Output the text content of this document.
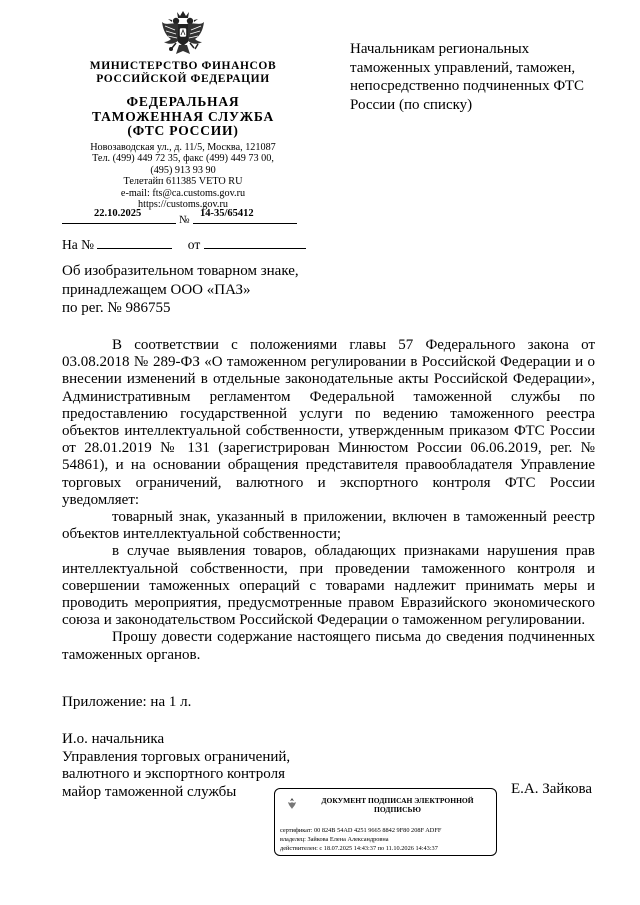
МИНИСТЕРСТВО ФИНАНСОВ
РОССИЙСКОЙ ФЕДЕРАЦИИ
ФЕДЕРАЛЬНАЯ
ТАМОЖЕННАЯ СЛУЖБА
(ФТС РОССИИ)
Новозаводская ул., д. 11/5, Москва, 121087
Тел. (499) 449 72 35, факс (499) 449 73 00,
(495) 913 93 90
Телетайп 611385 VETO RU
e-mail: fts@ca.customs.gov.ru
https://customs.gov.ru
22.10.2025
№
14-35/65412
На №	от
Начальникам региональных таможенных управлений, таможен, непосредственно подчиненных ФТС России (по списку)
Об изобразительном товарном знаке,
принадлежащем ООО «ПАЗ»
по рег. № 986755

В соответствии с положениями главы 57 Федерального закона от 03.08.2018 № 289-ФЗ «О таможенном регулировании в Российской Федерации и о внесении изменений в отдельные законодательные акты Российской Федерации», Административным регламентом Федеральной таможенной службы по предоставлению государственной услуги по ведению таможенного реестра объектов интеллектуальной собственности, утвержденным приказом ФТС России от 28.01.2019 № 131 (зарегистрирован Минюстом России 06.06.2019, рег. № 54861), и на основании обращения представителя правообладателя Управление торговых ограничений, валютного и экспортного контроля ФТС России уведомляет:

товарный знак, указанный в приложении, включен в таможенный реестр объектов интеллектуальной собственности;

в случае выявления товаров, обладающих признаками нарушения прав интеллектуальной собственности, при проведении таможенного контроля и совершении таможенных операций с товарами надлежит принимать меры и проводить мероприятия, предусмотренные правом Евразийского экономического союза и законодательством Российской Федерации о таможенном регулировании.

Прошу довести содержание настоящего письма до сведения подчиненных таможенных органов.

Приложение: на 1 л.
И.о. начальника
Управления торговых ограничений,
валютного и экспортного контроля
майор таможенной службы	Е.А. Зайкова
ДОКУМЕНТ ПОДПИСАН ЭЛЕКТРОННОЙ ПОДПИСЬЮ
сертификат: 00 824B 54AD 4251 9665 8842 9F80 208F ADFF
владелец: Зайкова Елена Александровна
действителен: с 18.07.2025 14:43:37 по 11.10.2026 14:43:37
